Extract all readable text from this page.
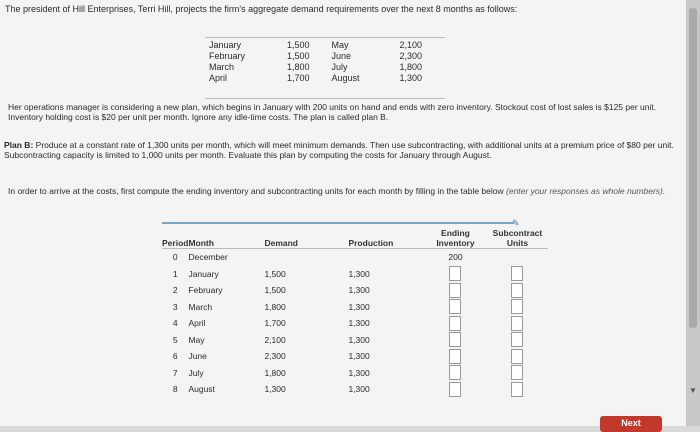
The president of Hill Enterprises, Terri Hill, projects the firm's aggregate demand requirements over the next 8 months as follows:
January	1,500	May	2,100
February	1,500	June	2,300
March	1,800	July	1,800
April	1,700	August	1,300
Her operations manager is considering a new plan, which begins in January with 200 units on hand and ends with zero inventory. Stockout cost of lost sales is $125 per unit. Inventory holding cost is $20 per unit per month. Ignore any idle-time costs. The plan is called plan B.
Plan B: Produce at a constant rate of 1,300 units per month, which will meet minimum demands. Then use subcontracting, with additional units at a premium price of $80 per unit. Subcontracting capacity is limited to 1,000 units per month. Evaluate this plan by computing the costs for January through August.
In order to arrive at the costs, first compute the ending inventory and subcontracting units for each month by filling in the table below (enter your responses as whole numbers).
✎
Period	Month	Demand	Production	Ending Inventory	Subcontract Units
0	December			200	
1	January	1,500	1,300		
2	February	1,500	1,300		
3	March	1,800	1,300		
4	April	1,700	1,300		
5	May	2,100	1,300		
6	June	2,300	1,300		
7	July	1,800	1,300		
8	August	1,300	1,300		
Next
▼
